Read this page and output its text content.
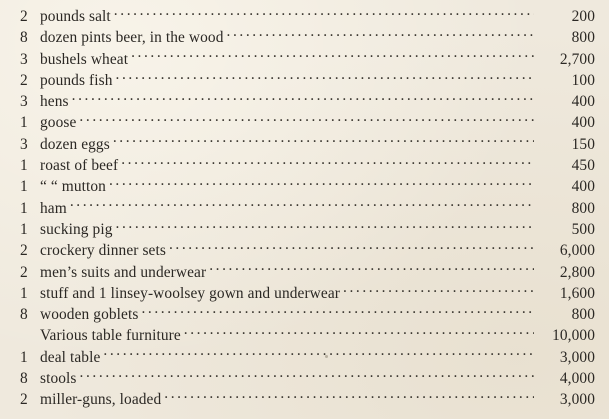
2 pounds salt .....	200
8 dozen pints beer, in the wood .....	800
3 bushels wheat .....	2,700
2 pounds fish .....	100
3 hens .....	400
1 goose .....	400
3 dozen eggs .....	150
1 roast of beef .....	450
1 “ “ mutton .....	400
1 ham .....	800
1 sucking pig .....	500
2 crockery dinner sets .....	6,000
2 men’s suits and underwear .....	2,800
1 stuff and 1 linsey-woolsey gown and underwear .....	1,600
8 wooden goblets .....	800
Various table furniture .....	10,000
1 deal table .....	3,000
8 stools .....	4,000
2 miller-guns, loaded .....	3,000
